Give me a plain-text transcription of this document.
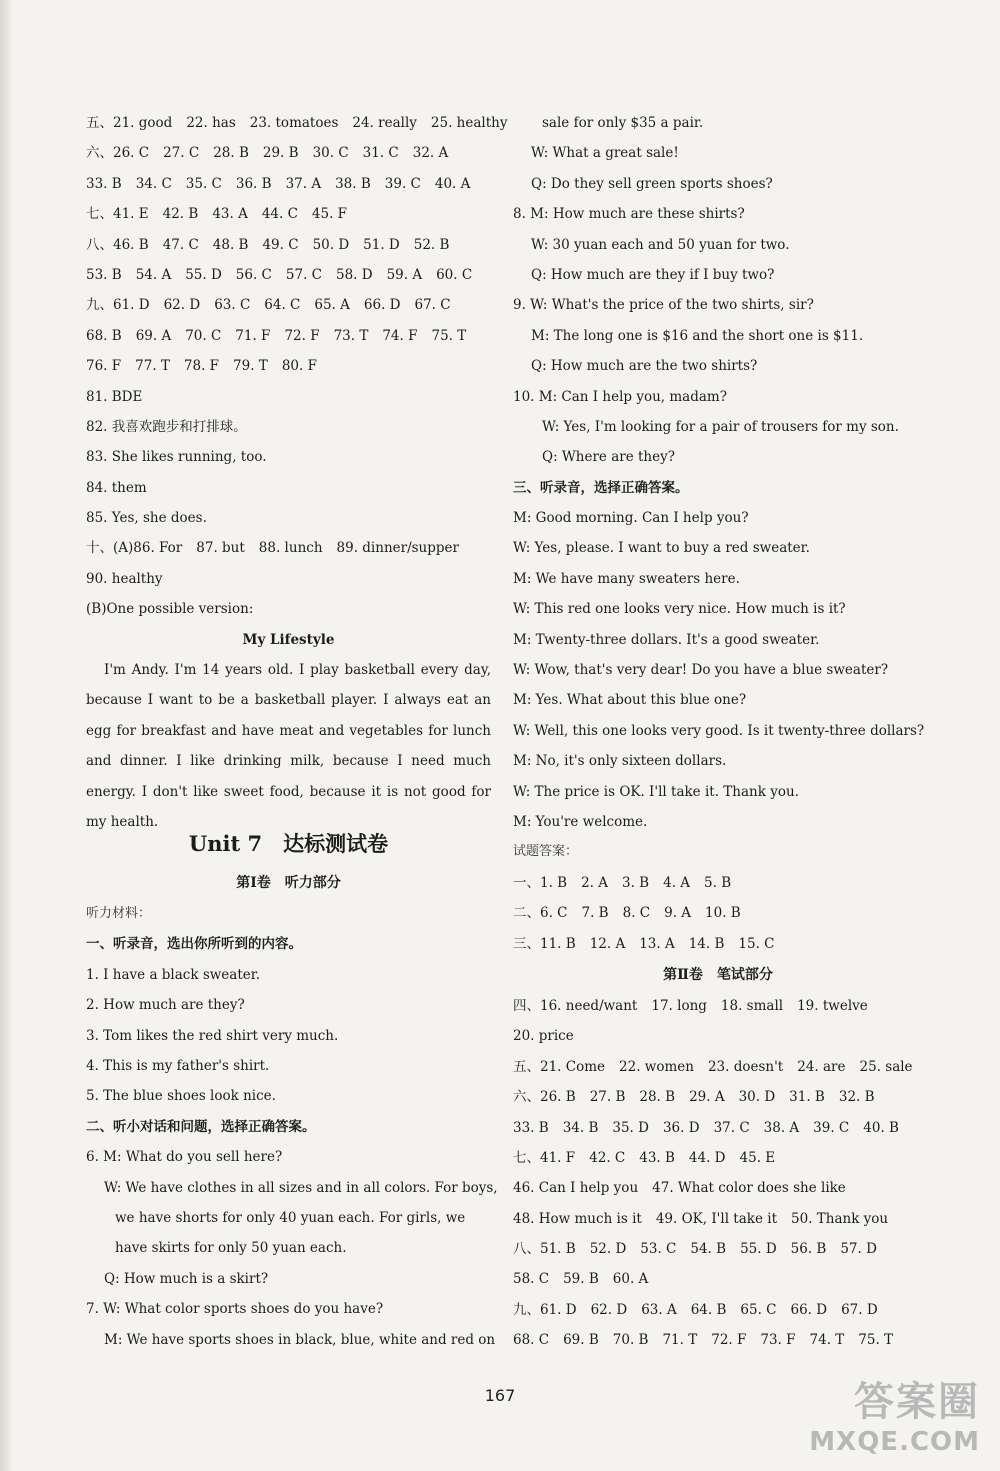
五、21. good 22. has 23. tomatoes 24. really 25. healthy
六、26. C 27. C 28. B 29. B 30. C 31. C 32. A
33. B 34. C 35. C 36. B 37. A 38. B 39. C 40. A
七、41. E 42. B 43. A 44. C 45. F
八、46. B 47. C 48. B 49. C 50. D 51. D 52. B
53. B 54. A 55. D 56. C 57. C 58. D 59. A 60. C
九、61. D 62. D 63. C 64. C 65. A 66. D 67. C
68. B 69. A 70. C 71. F 72. F 73. T 74. F 75. T
76. F 77. T 78. F 79. T 80. F
81. BDE
82. 我喜欢跑步和打排球。
83. She likes running, too.
84. them
85. Yes, she does.
十、(A)86. For 87. but 88. lunch 89. dinner/supper
90. healthy
(B)One possible version:
My Lifestyle
I'm Andy. I'm 14 years old. I play basketball every day, because I want to be a basketball player. I always eat an egg for breakfast and have meat and vegetables for lunch and dinner. I like drinking milk, because I need much energy. I don't like sweet food, because it is not good for my health.
Unit 7　达标测试卷
第Ⅰ卷　听力部分
听力材料：
一、听录音，选出你所听到的内容。
1. I have a black sweater.
2. How much are they?
3. Tom likes the red shirt very much.
4. This is my father's shirt.
5. The blue shoes look nice.
二、听小对话和问题，选择正确答案。
6. M: What do you sell here?
W: We have clothes in all sizes and in all colors. For boys,
we have shorts for only 40 yuan each. For girls, we
have skirts for only 50 yuan each.
Q: How much is a skirt?
7. W: What color sports shoes do you have?
M: We have sports shoes in black, blue, white and red on
sale for only $35 a pair.
W: What a great sale!
Q: Do they sell green sports shoes?
8. M: How much are these shirts?
W: 30 yuan each and 50 yuan for two.
Q: How much are they if I buy two?
9. W: What's the price of the two shirts, sir?
M: The long one is $16 and the short one is $11.
Q: How much are the two shirts?
10. M: Can I help you, madam?
W: Yes, I'm looking for a pair of trousers for my son.
Q: Where are they?
三、听录音，选择正确答案。
M: Good morning. Can I help you?
W: Yes, please. I want to buy a red sweater.
M: We have many sweaters here.
W: This red one looks very nice. How much is it?
M: Twenty-three dollars. It's a good sweater.
W: Wow, that's very dear! Do you have a blue sweater?
M: Yes. What about this blue one?
W: Well, this one looks very good. Is it twenty-three dollars?
M: No, it's only sixteen dollars.
W: The price is OK. I'll take it. Thank you.
M: You're welcome.
试题答案：
一、1. B 2. A 3. B 4. A 5. B
二、6. C 7. B 8. C 9. A 10. B
三、11. B 12. A 13. A 14. B 15. C
第Ⅱ卷　笔试部分
四、16. need/want 17. long 18. small 19. twelve
20. price
五、21. Come 22. women 23. doesn't 24. are 25. sale
六、26. B 27. B 28. B 29. A 30. D 31. B 32. B
33. B 34. B 35. D 36. D 37. C 38. A 39. C 40. B
七、41. F 42. C 43. B 44. D 45. E
46. Can I help you 47. What color does she like
48. How much is it 49. OK, I'll take it 50. Thank you
八、51. B 52. D 53. C 54. B 55. D 56. B 57. D
58. C 59. B 60. A
九、61. D 62. D 63. A 64. B 65. C 66. D 67. D
68. C 69. B 70. B 71. T 72. F 73. F 74. T 75. T
167	答案圈
MXQE.COM
